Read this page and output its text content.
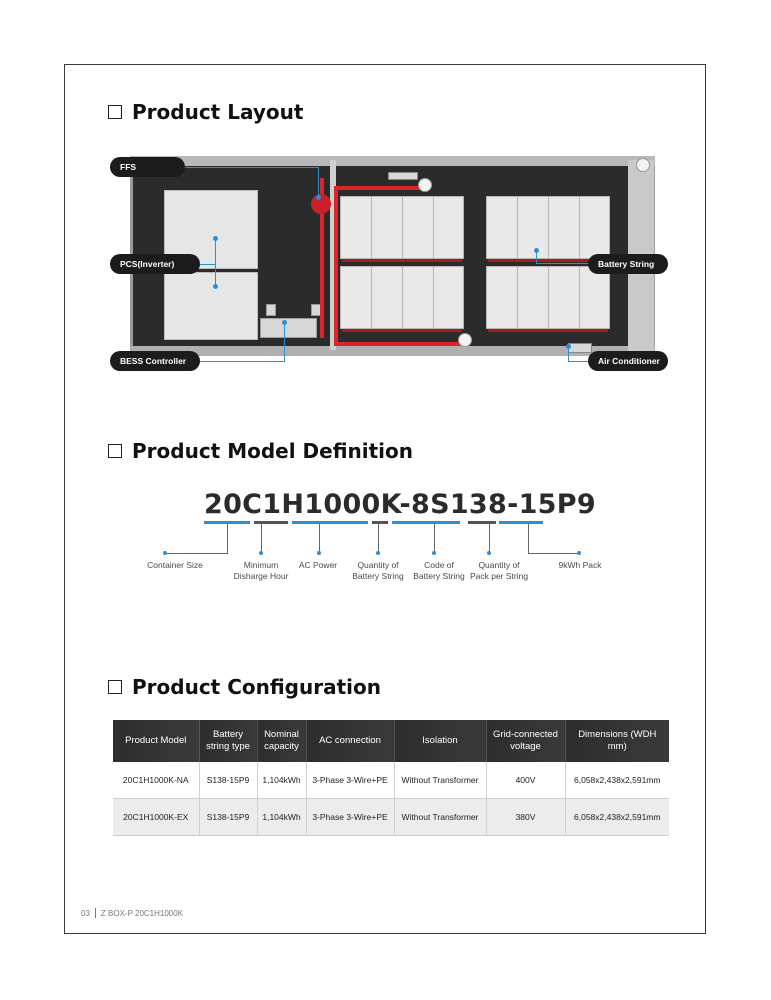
Product Layout
FFS
PCS(Inverter)
BESS Controller
Battery String
Air Conditioner
Product Model Definition
20C1H1000K-8S138-15P9
Container Size	Minimum
Disharge Hour
AC Power	Quantity of
Battery String
Code of
Battery String
Quantity of
Pack per String
9kWh Pack
Product Configuration
Product Model	Battery string type	Nominal capacity	AC connection	Isolation	Grid-connected voltage	Dimensions (WDH mm)
20C1H1000K-NA	S138-15P9	1,104kWh	3-Phase 3-Wire+PE	Without Transformer	400V	6,058x2,438x2,591mm
20C1H1000K-EX	S138-15P9	1,104kWh	3-Phase 3-Wire+PE	Without Transformer	380V	6,058x2,438x2,591mm
03 Z BOX-P 20C1H1000K
